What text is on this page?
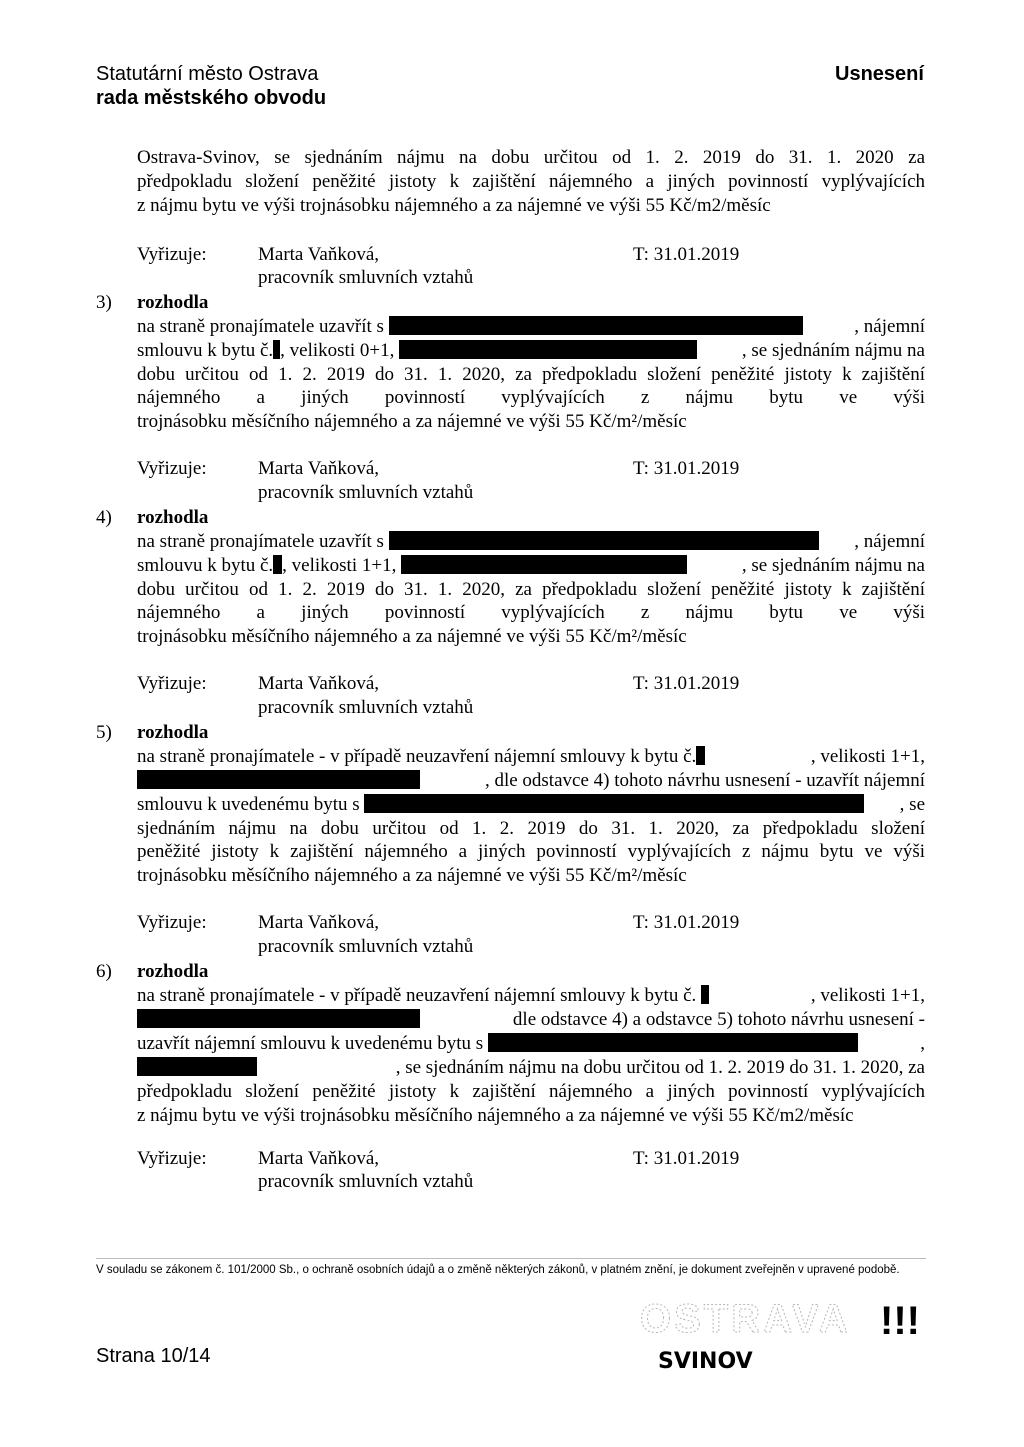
Statutární město Ostrava
rada městského obvodu
Usnesení
Ostrava-Svinov, se sjednáním nájmu na dobu určitou od 1. 2. 2019 do 31. 1. 2020 za
předpokladu složení peněžité jistoty k zajištění nájemného a jiných povinností vyplývajících
z nájmu bytu ve výši trojnásobku nájemného a za nájemné ve výši 55 Kč/m2/měsíc
Vyřizuje:	Marta Vaňková,	T: 31.01.2019
pracovník smluvních vztahů
3) rozhodla
na straně pronajímatele uzavřít s	, nájemní
smlouvu k bytu č. , velikosti 0+1,	, se sjednáním nájmu na
dobu určitou od 1. 2. 2019 do 31. 1. 2020, za předpokladu složení peněžité jistoty k zajištění
nájemného a jiných povinností vyplývajících z nájmu bytu ve výši
trojnásobku měsíčního nájemného a za nájemné ve výši 55 Kč/m²/měsíc
Vyřizuje:	Marta Vaňková,	T: 31.01.2019
pracovník smluvních vztahů
4) rozhodla
na straně pronajímatele uzavřít s	, nájemní
smlouvu k bytu č. , velikosti 1+1,	, se sjednáním nájmu na
dobu určitou od 1. 2. 2019 do 31. 1. 2020, za předpokladu složení peněžité jistoty k zajištění
nájemného a jiných povinností vyplývajících z nájmu bytu ve výši
trojnásobku měsíčního nájemného a za nájemné ve výši 55 Kč/m²/měsíc
Vyřizuje:	Marta Vaňková,	T: 31.01.2019
pracovník smluvních vztahů
5) rozhodla
na straně pronajímatele - v případě neuzavření nájemní smlouvy k bytu č.	, velikosti 1+1,
, dle odstavce 4) tohoto návrhu usnesení - uzavřít nájemní
smlouvu k uvedenému bytu s	, se
sjednáním nájmu na dobu určitou od 1. 2. 2019 do 31. 1. 2020, za předpokladu složení
peněžité jistoty k zajištění nájemného a jiných povinností vyplývajících z nájmu bytu ve výši
trojnásobku měsíčního nájemného a za nájemné ve výši 55 Kč/m²/měsíc
Vyřizuje:	Marta Vaňková,	T: 31.01.2019
pracovník smluvních vztahů
6) rozhodla
na straně pronajímatele - v případě neuzavření nájemní smlouvy k bytu č.	, velikosti 1+1,
dle odstavce 4) a odstavce 5) tohoto návrhu usnesení -
uzavřít nájemní smlouvu k uvedenému bytu s	,
, se sjednáním nájmu na dobu určitou od 1. 2. 2019 do 31. 1. 2020, za
předpokladu složení peněžité jistoty k zajištění nájemného a jiných povinností vyplývajících
z nájmu bytu ve výši trojnásobku měsíčního nájemného a za nájemné ve výši 55 Kč/m2/měsíc
Vyřizuje:	Marta Vaňková,	T: 31.01.2019
pracovník smluvních vztahů
V souladu se zákonem č. 101/2000 Sb., o ochraně osobních údajů a o změně některých zákonů, v platném znění, je dokument zveřejněn v upravené podobě.
Strana 10/14
OSTRAVA !!!
SVINOV
